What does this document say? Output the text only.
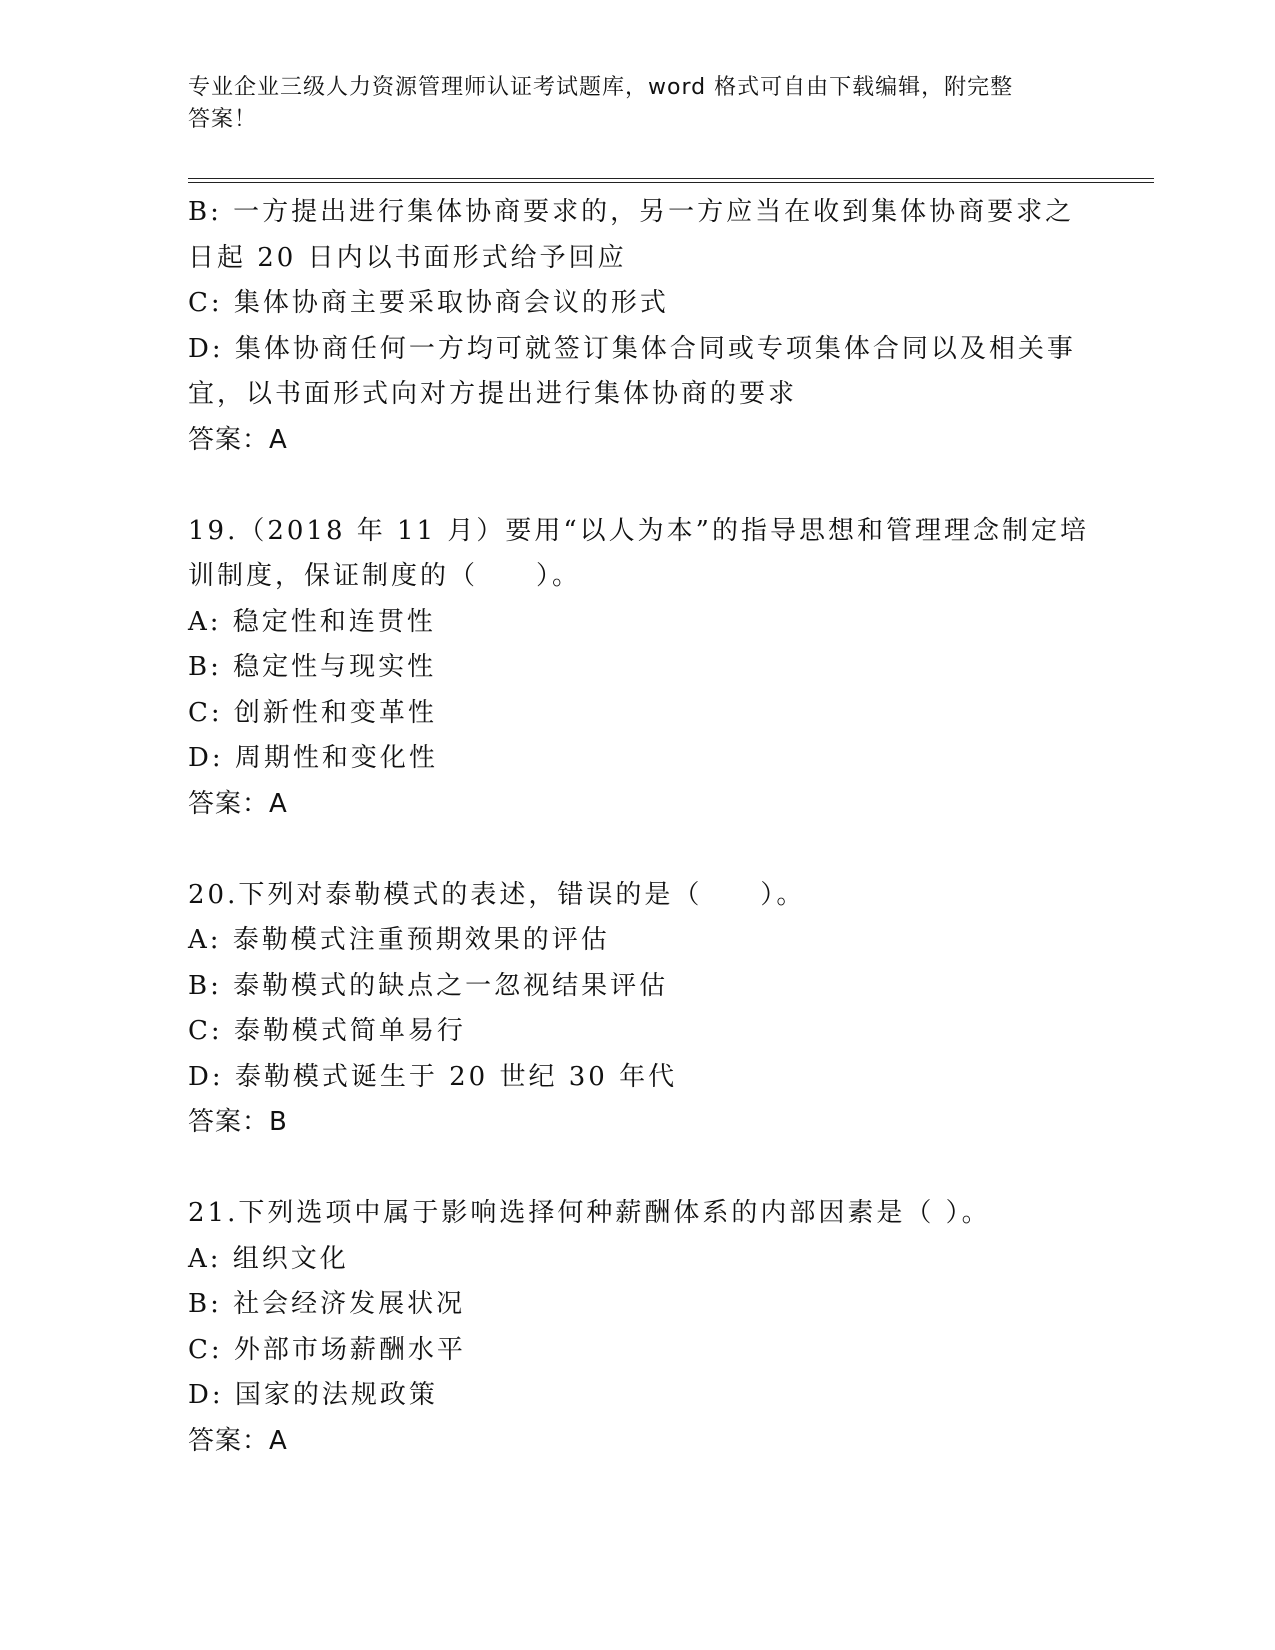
专业企业三级人力资源管理师认证考试题库，word 格式可自由下载编辑，附完整
答案！

B: 一方提出进行集体协商要求的，另一方应当在收到集体协商要求之

日起 20 日内以书面形式给予回应

C: 集体协商主要采取协商会议的形式

D: 集体协商任何一方均可就签订集体合同或专项集体合同以及相关事

宜，以书面形式向对方提出进行集体协商的要求

答案：A

19.（2018 年 11 月）要用“以人为本”的指导思想和管理理念制定培

训制度，保证制度的（　　）。

A: 稳定性和连贯性

B: 稳定性与现实性

C: 创新性和变革性

D: 周期性和变化性

答案：A

20.下列对泰勒模式的表述，错误的是（　　）。

A: 泰勒模式注重预期效果的评估

B: 泰勒模式的缺点之一忽视结果评估

C: 泰勒模式简单易行

D: 泰勒模式诞生于 20 世纪 30 年代

答案：B

21.下列选项中属于影响选择何种薪酬体系的内部因素是（ ）。

A: 组织文化

B: 社会经济发展状况

C: 外部市场薪酬水平

D: 国家的法规政策

答案：A
